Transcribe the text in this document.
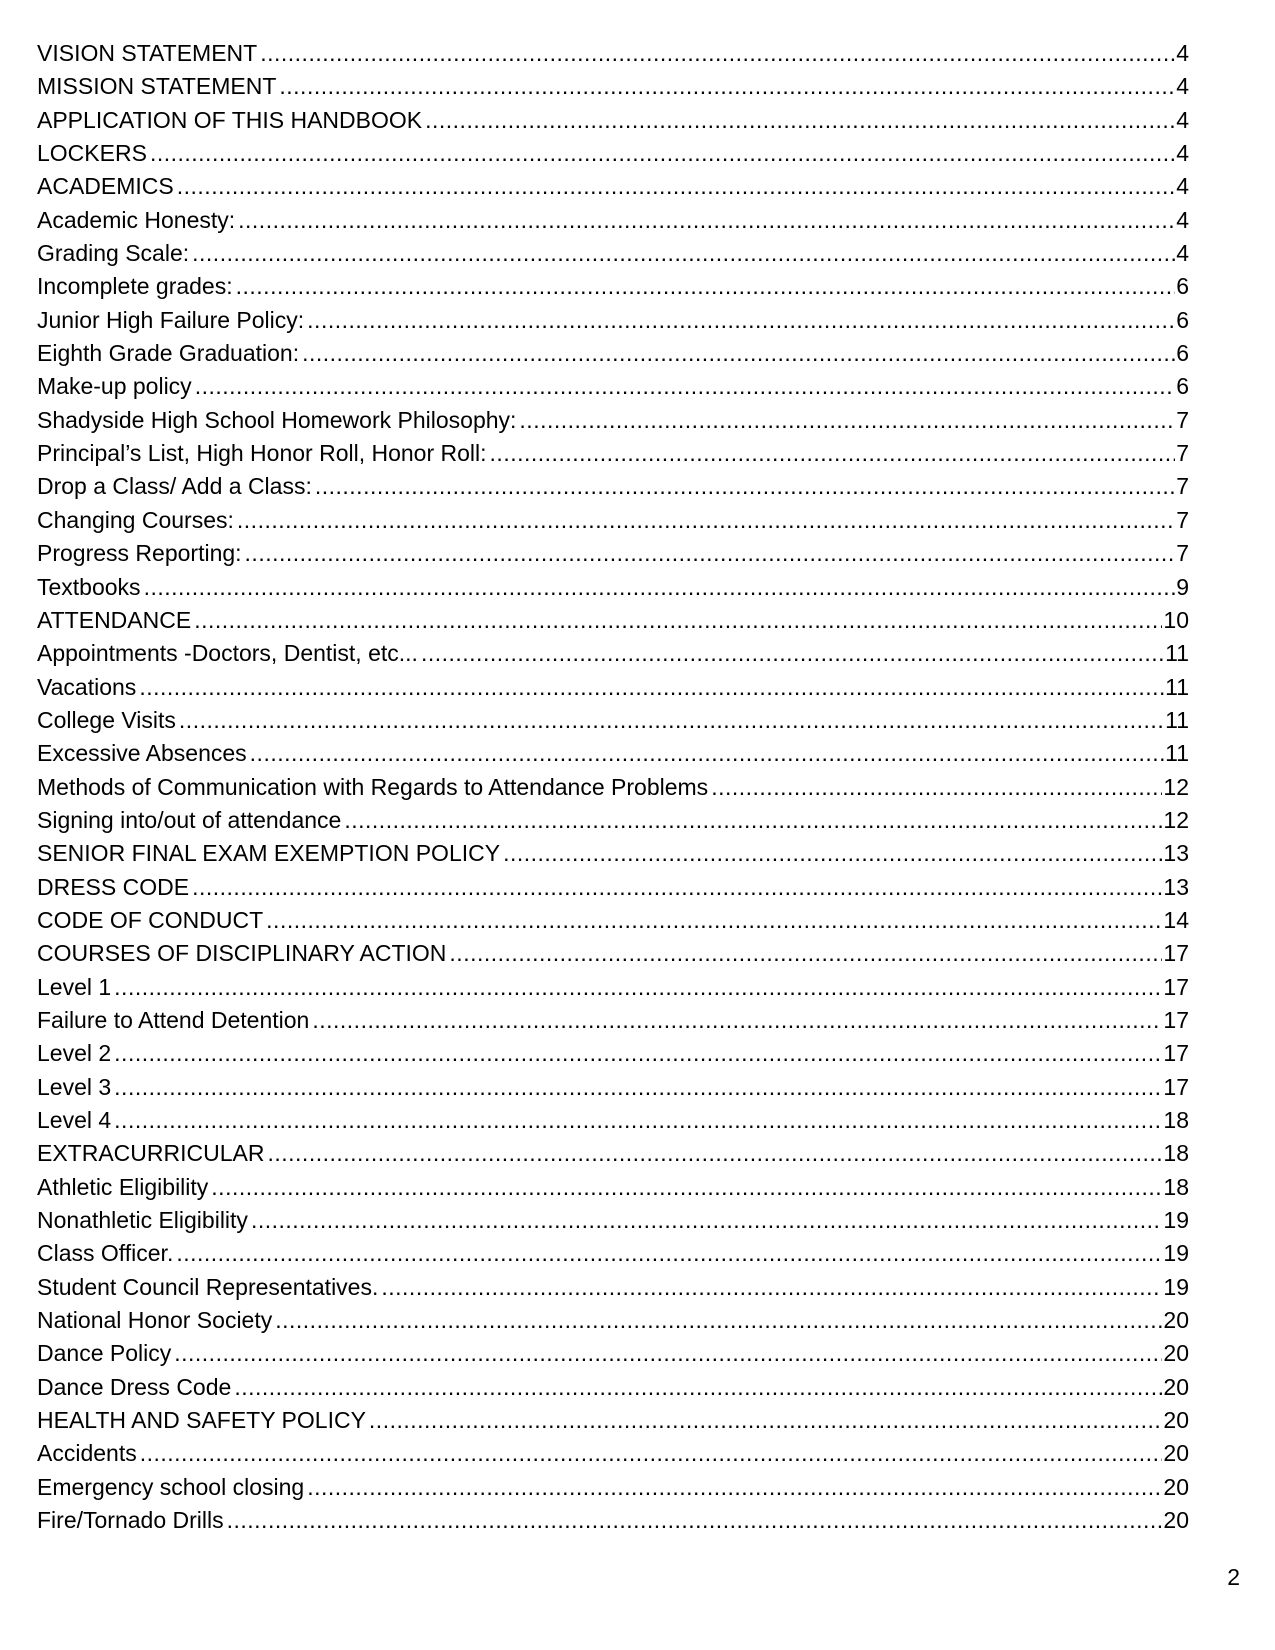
VISION STATEMENT .....	4
MISSION STATEMENT .....	4
APPLICATION OF THIS HANDBOOK .....	4
LOCKERS .....	4
ACADEMICS .....	4
Academic Honesty: .....	4
Grading Scale: .....	4
Incomplete grades: .....	6
Junior High Failure Policy: .....	6
Eighth Grade Graduation: .....	6
Make-up policy .....	6
Shadyside High School Homework Philosophy: .....	7
Principal’s List, High Honor Roll, Honor Roll: .....	7
Drop a Class/ Add a Class: .....	7
Changing Courses: .....	7
Progress Reporting: .....	7
Textbooks .....	9
ATTENDANCE .....	10
Appointments -Doctors, Dentist, etc... .....	11
Vacations .....	11
College Visits .....	11
Excessive Absences .....	11
Methods of Communication with Regards to Attendance Problems .....	12
Signing into/out of attendance .....	12
SENIOR FINAL EXAM EXEMPTION POLICY .....	13
DRESS CODE .....	13
CODE OF CONDUCT .....	14
COURSES OF DISCIPLINARY ACTION .....	17
Level 1 .....	17
Failure to Attend Detention .....	17
Level 2 .....	17
Level 3 .....	17
Level 4 .....	18
EXTRACURRICULAR .....	18
Athletic Eligibility .....	18
Nonathletic Eligibility .....	19
Class Officer. .....	19
Student Council Representatives. .....	19
National Honor Society .....	20
Dance Policy .....	20
Dance Dress Code .....	20
HEALTH AND SAFETY POLICY .....	20
Accidents .....	20
Emergency school closing .....	20
Fire/Tornado Drills .....	20
2
